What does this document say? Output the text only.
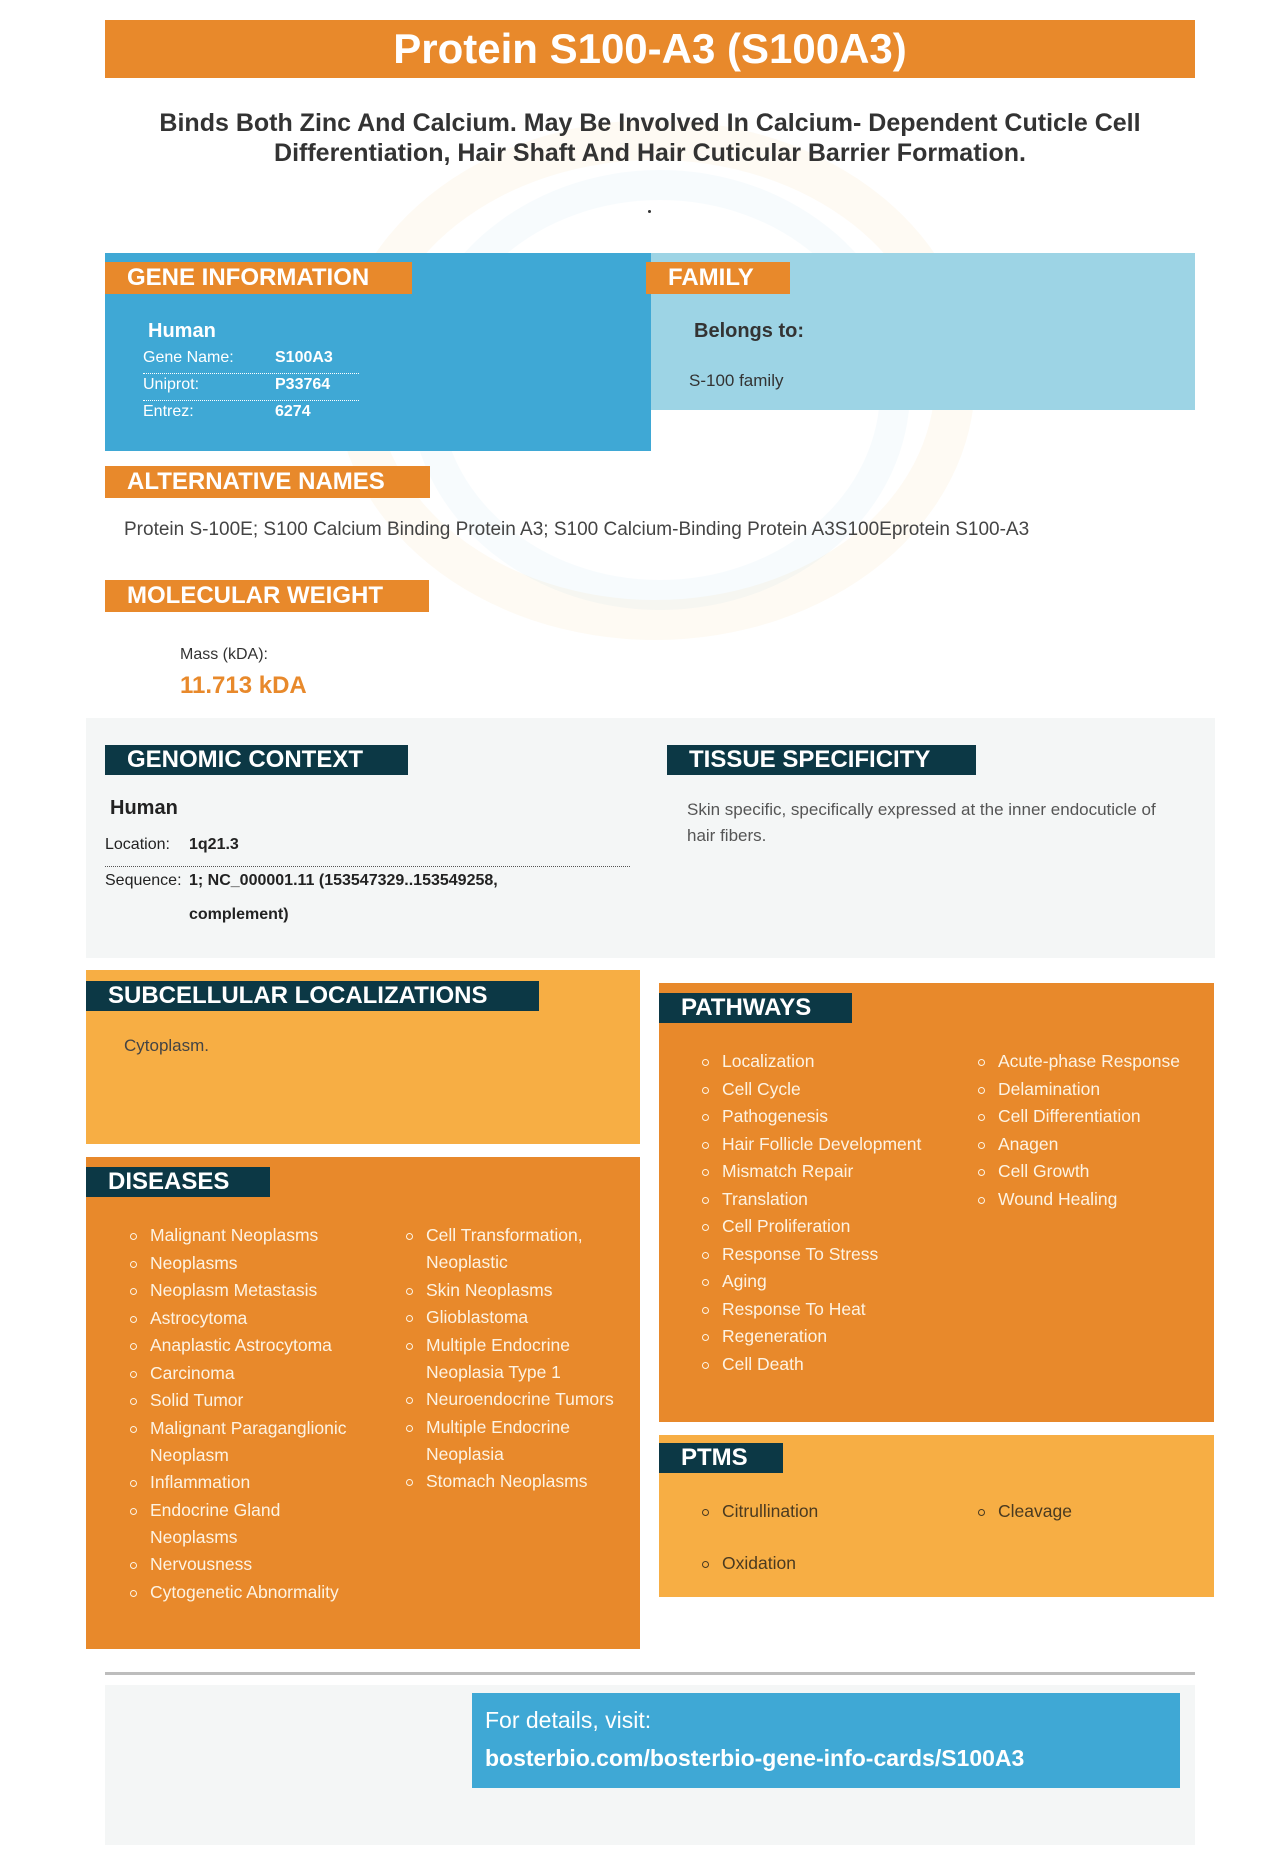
Protein S100-A3 (S100A3)
Binds Both Zinc And Calcium. May Be Involved In Calcium- Dependent Cuticle Cell Differentiation, Hair Shaft And Hair Cuticular Barrier Formation.
GENE INFORMATION
Human
Gene Name:	S100A3
Uniprot:	P33764
Entrez:	6274
FAMILY
Belongs to:
S-100 family
ALTERNATIVE NAMES
Protein S-100E; S100 Calcium Binding Protein A3; S100 Calcium-Binding Protein A3S100Eprotein S100-A3
MOLECULAR WEIGHT
Mass (kDA):
11.713 kDA
GENOMIC CONTEXT
Human
Location: 1q21.3
Sequence: 1; NC_000001.11 (153547329..153549258, complement)
TISSUE SPECIFICITY
Skin specific, specifically expressed at the inner endocuticle of hair fibers.
SUBCELLULAR LOCALIZATIONS
Cytoplasm.
DISEASES
Malignant Neoplasms
Neoplasms
Neoplasm Metastasis
Astrocytoma
Anaplastic Astrocytoma
Carcinoma
Solid Tumor
Malignant Paraganglionic Neoplasm
Inflammation
Endocrine Gland Neoplasms
Nervousness
Cytogenetic Abnormality
Cell Transformation, Neoplastic
Skin Neoplasms
Glioblastoma
Multiple Endocrine Neoplasia Type 1
Neuroendocrine Tumors
Multiple Endocrine Neoplasia
Stomach Neoplasms
PATHWAYS
Localization
Cell Cycle
Pathogenesis
Hair Follicle Development
Mismatch Repair
Translation
Cell Proliferation
Response To Stress
Aging
Response To Heat
Regeneration
Cell Death
Acute-phase Response
Delamination
Cell Differentiation
Anagen
Cell Growth
Wound Healing
PTMS
Citrullination	Cleavage
Oxidation
For details, visit:
bosterbio.com/bosterbio-gene-info-cards/S100A3
